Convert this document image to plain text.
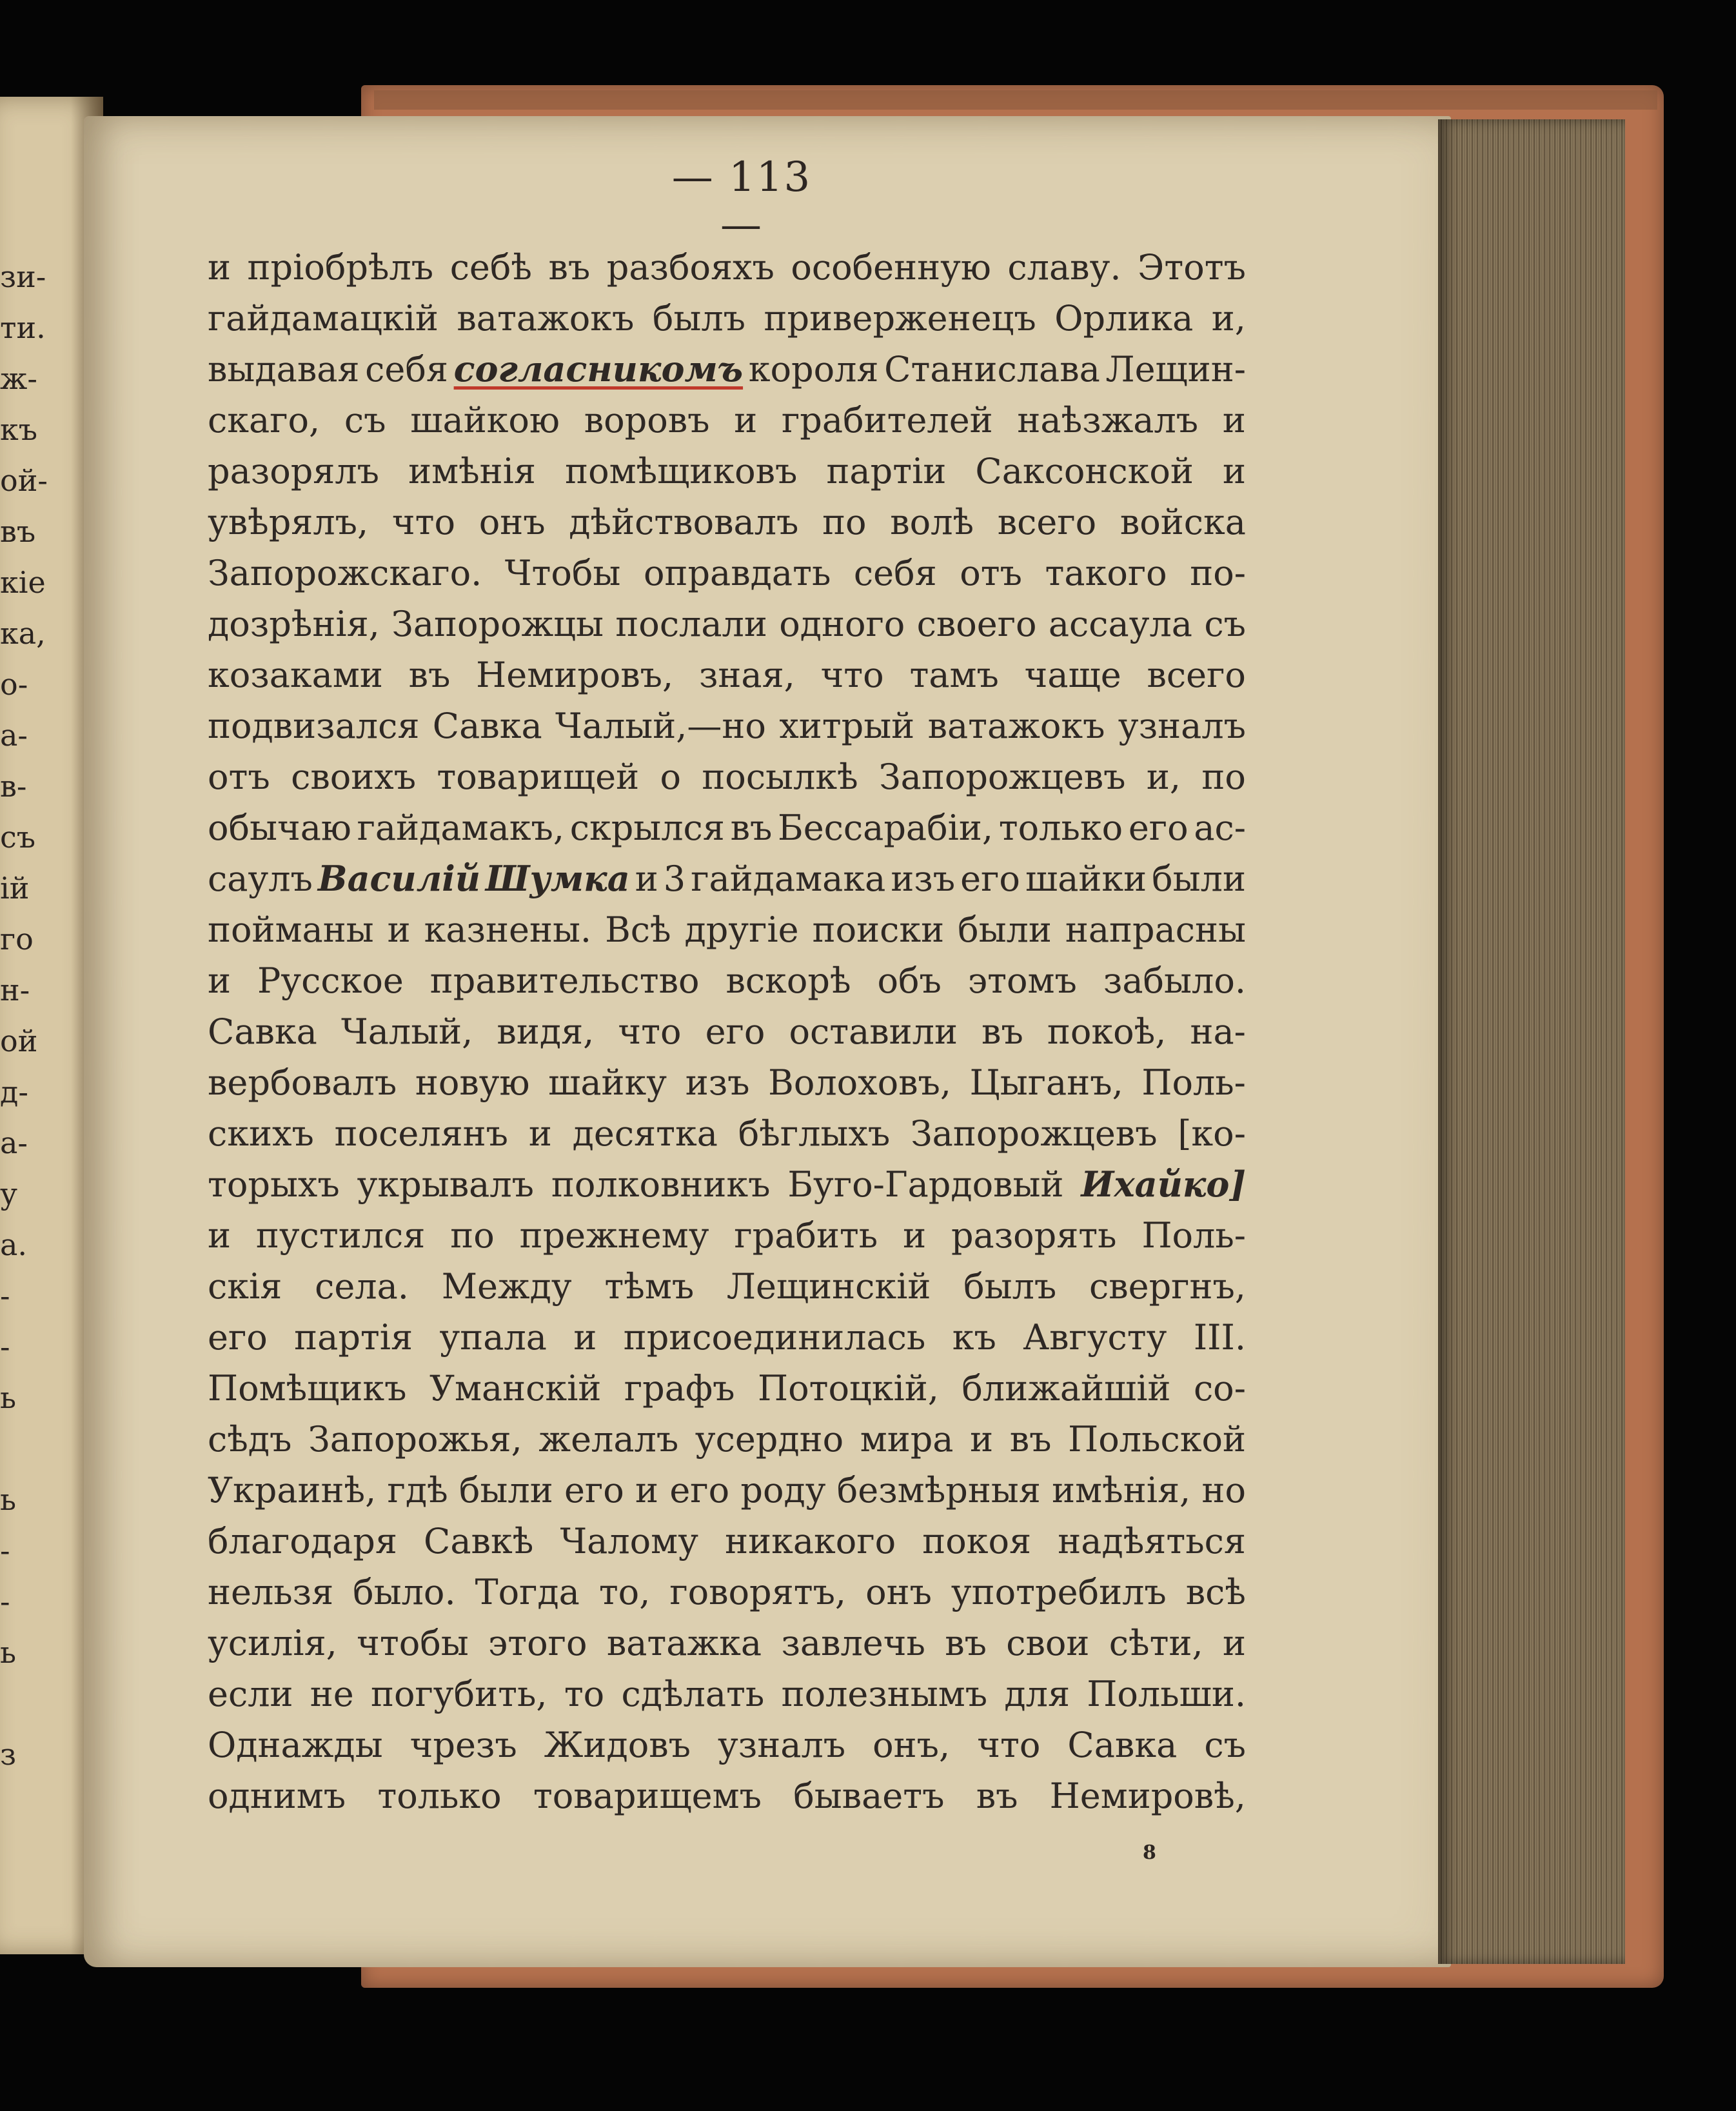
зи-
ти.
ж-
къ
ой-
въ
кіе
ка,
о-
а-
в-
съ
ій
го
н-
ой
д-
а-
у
а.
-
-
ь
ь
-
-
ь
з
— 113 —
и пріобрѣлъ себѣ въ разбояхъ особенную славу. Этотъ
гайдамацкій ватажокъ былъ приверженецъ Орлика и,
выдавая себя соглaсникомъ короля Станислава Лещин-
скаго, съ шайкою воровъ и грабителей наѣзжалъ и
разорялъ имѣнія помѣщиковъ партіи Саксонской и
увѣрялъ, что онъ дѣйствовалъ по волѣ всего войска
Запорожскаго. Чтобы оправдать себя отъ такого по-
дозрѣнія, Запорожцы послали одного своего ассаула съ
козаками въ Немировъ, зная, что тамъ чаще всего
подвизался Савка Чалый,—но хитрый ватажокъ узналъ
отъ своихъ товарищей о посылкѣ Запорожцевъ и, по
обычаю гайдамакъ, скрылся въ Бессарабіи, только его ас-
саулъ Василій Шумка и 3 гайдамака изъ его шайки были
пойманы и казнены. Всѣ другіе поиски были напрасны
и Русское правительство вскорѣ объ этомъ забыло.
Савка Чалый, видя, что его оставили въ покоѣ, на-
вербовалъ новую шайку изъ Волоховъ, Цыганъ, Поль-
скихъ поселянъ и десятка бѣглыхъ Запорожцевъ [ко-
торыхъ укрывалъ полковникъ Буго-Гардовый Ихайко]
и пустился по прежнему грабить и разорять Поль-
скія села. Между тѣмъ Лещинскій былъ свергнъ,
его партія упала и присоединилась къ Августу III.
Помѣщикъ Уманскій графъ Потоцкій, ближайшій со-
сѣдъ Запорожья, желалъ усердно мира и въ Польской
Украинѣ, гдѣ были его и его роду безмѣрныя имѣнія, но
благодаря Савкѣ Чалому никакого покоя надѣяться
нельзя было. Тогда то, говорятъ, онъ употребилъ всѣ
усилія, чтобы этого ватажка завлечь въ свои сѣти, и
если не погубить, то сдѣлать полезнымъ для Польши.
Однажды чрезъ Жидовъ узналъ онъ, что Савка съ
однимъ только товарищемъ бываетъ въ Немировѣ,
8
